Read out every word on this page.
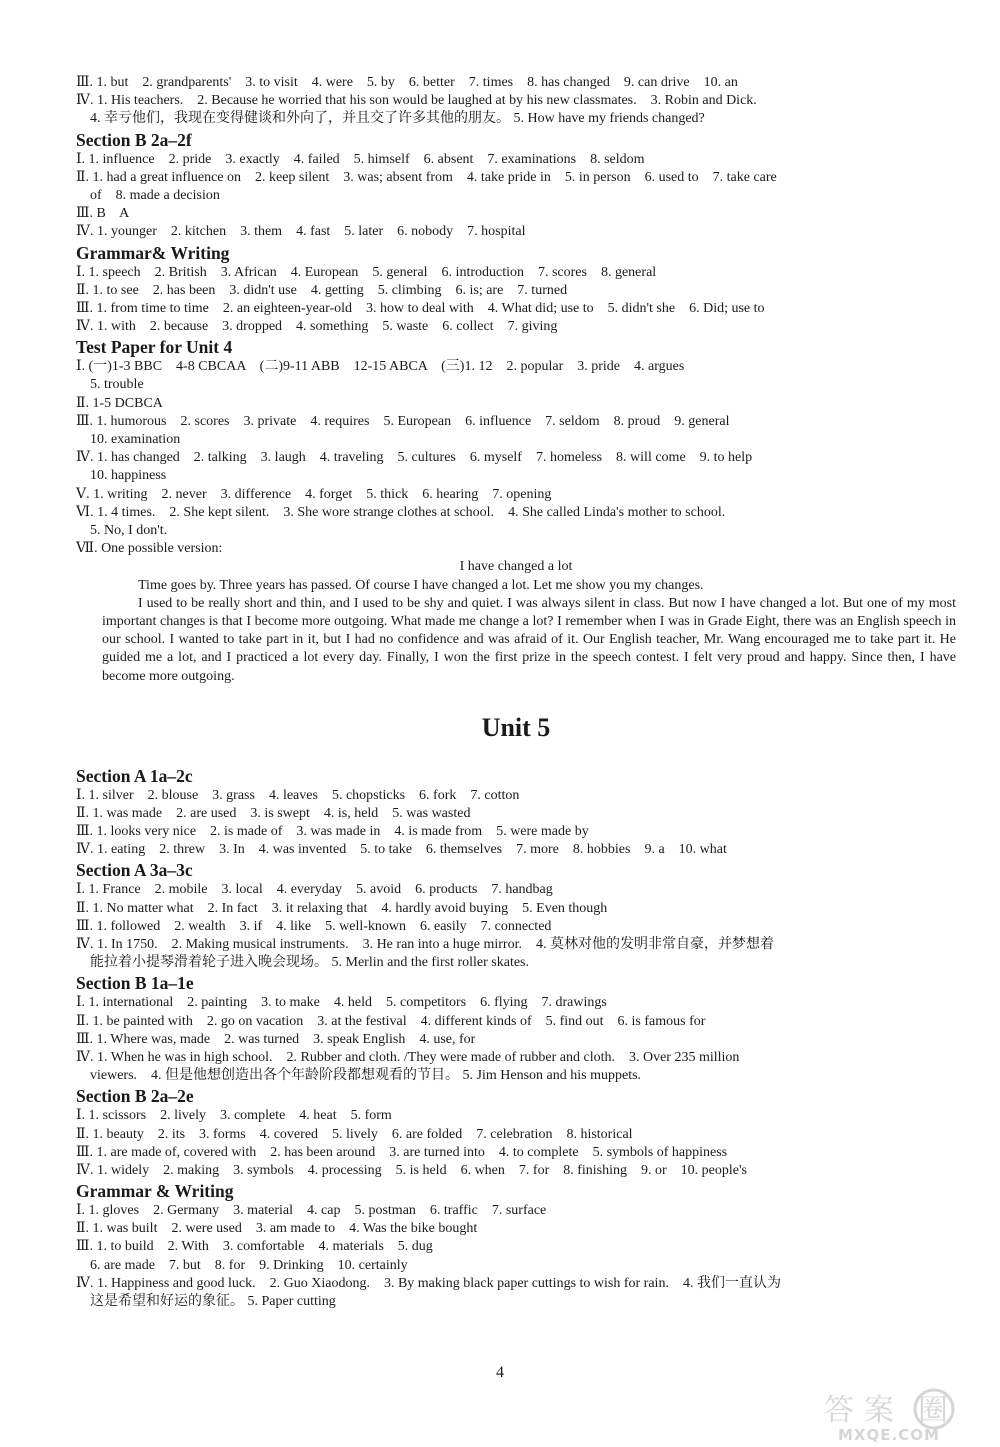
Ⅲ. 1. but    2. grandparents'    3. to visit    4. were    5. by    6. better    7. times    8. has changed    9. can drive    10. an
Ⅳ. 1. His teachers.    2. Because he worried that his son would be laughed at by his new classmates.    3. Robin and Dick.
4. 幸亏他们，我现在变得健谈和外向了，并且交了许多其他的朋友。 5. How have my friends changed?
Section B 2a–2f
Ⅰ. 1. influence    2. pride    3. exactly    4. failed    5. himself    6. absent    7. examinations    8. seldom
Ⅱ. 1. had a great influence on    2. keep silent    3. was; absent from    4. take pride in    5. in person    6. used to    7. take care
of    8. made a decision
Ⅲ. B    A
Ⅳ. 1. younger    2. kitchen    3. them    4. fast    5. later    6. nobody    7. hospital
Grammar& Writing
Ⅰ. 1. speech    2. British    3. African    4. European    5. general    6. introduction    7. scores    8. general
Ⅱ. 1. to see    2. has been    3. didn't use    4. getting    5. climbing    6. is; are    7. turned
Ⅲ. 1. from time to time    2. an eighteen-year-old    3. how to deal with    4. What did; use to    5. didn't she    6. Did; use to
Ⅳ. 1. with    2. because    3. dropped    4. something    5. waste    6. collect    7. giving
Test Paper for Unit 4
Ⅰ. (一)1-3 BBC    4-8 CBCAA    (二)9-11 ABB    12-15 ABCA    (三)1. 12    2. popular    3. pride    4. argues
5. trouble
Ⅱ. 1-5 DCBCA
Ⅲ. 1. humorous    2. scores    3. private    4. requires    5. European    6. influence    7. seldom    8. proud    9. general
10. examination
Ⅳ. 1. has changed    2. talking    3. laugh    4. traveling    5. cultures    6. myself    7. homeless    8. will come    9. to help
10. happiness
Ⅴ. 1. writing    2. never    3. difference    4. forget    5. thick    6. hearing    7. opening
Ⅵ. 1. 4 times.    2. She kept silent.    3. She wore strange clothes at school.    4. She called Linda's mother to school.
5. No, I don't.
Ⅶ. One possible version:
I have changed a lot
Time goes by. Three years has passed. Of course I have changed a lot. Let me show you my changes.
I used to be really short and thin, and I used to be shy and quiet. I was always silent in class. But now I have changed a lot. But one of my most important changes is that I become more outgoing. What made me change a lot? I remember when I was in Grade Eight, there was an English speech in our school. I wanted to take part in it, but I had no confidence and was afraid of it. Our English teacher, Mr. Wang encouraged me to take part it. He guided me a lot, and I practiced a lot every day. Finally, I won the first prize in the speech contest. I felt very proud and happy. Since then, I have become more outgoing.
Unit 5
Section A 1a–2c
Ⅰ. 1. silver    2. blouse    3. grass    4. leaves    5. chopsticks    6. fork    7. cotton
Ⅱ. 1. was made    2. are used    3. is swept    4. is, held    5. was wasted
Ⅲ. 1. looks very nice    2. is made of    3. was made in    4. is made from    5. were made by
Ⅳ. 1. eating    2. threw    3. In    4. was invented    5. to take    6. themselves    7. more    8. hobbies    9. a    10. what
Section A 3a–3c
Ⅰ. 1. France    2. mobile    3. local    4. everyday    5. avoid    6. products    7. handbag
Ⅱ. 1. No matter what    2. In fact    3. it relaxing that    4. hardly avoid buying    5. Even though
Ⅲ. 1. followed    2. wealth    3. if    4. like    5. well-known    6. easily    7. connected
Ⅳ. 1. In 1750.    2. Making musical instruments.    3. He ran into a huge mirror.    4. 莫林对他的发明非常自豪，并梦想着
能拉着小提琴滑着轮子进入晚会现场。 5. Merlin and the first roller skates.
Section B 1a–1e
Ⅰ. 1. international    2. painting    3. to make    4. held    5. competitors    6. flying    7. drawings
Ⅱ. 1. be painted with    2. go on vacation    3. at the festival    4. different kinds of    5. find out    6. is famous for
Ⅲ. 1. Where was, made    2. was turned    3. speak English    4. use, for
Ⅳ. 1. When he was in high school.    2. Rubber and cloth. /They were made of rubber and cloth.    3. Over 235 million
viewers.    4. 但是他想创造出各个年龄阶段都想观看的节目。 5. Jim Henson and his muppets.
Section B 2a–2e
Ⅰ. 1. scissors    2. lively    3. complete    4. heat    5. form
Ⅱ. 1. beauty    2. its    3. forms    4. covered    5. lively    6. are folded    7. celebration    8. historical
Ⅲ. 1. are made of, covered with    2. has been around    3. are turned into    4. to complete    5. symbols of happiness
Ⅳ. 1. widely    2. making    3. symbols    4. processing    5. is held    6. when    7. for    8. finishing    9. or    10. people's
Grammar & Writing
Ⅰ. 1. gloves    2. Germany    3. material    4. cap    5. postman    6. traffic    7. surface
Ⅱ. 1. was built    2. were used    3. am made to    4. Was the bike bought
Ⅲ. 1. to build    2. With    3. comfortable    4. materials    5. dug
6. are made    7. but    8. for    9. Drinking    10. certainly
Ⅳ. 1. Happiness and good luck.    2. Guo Xiaodong.    3. By making black paper cuttings to wish for rain.    4. 我们一直认为
这是希望和好运的象征。 5. Paper cutting
4
答 案 圈
MXQE.COM
